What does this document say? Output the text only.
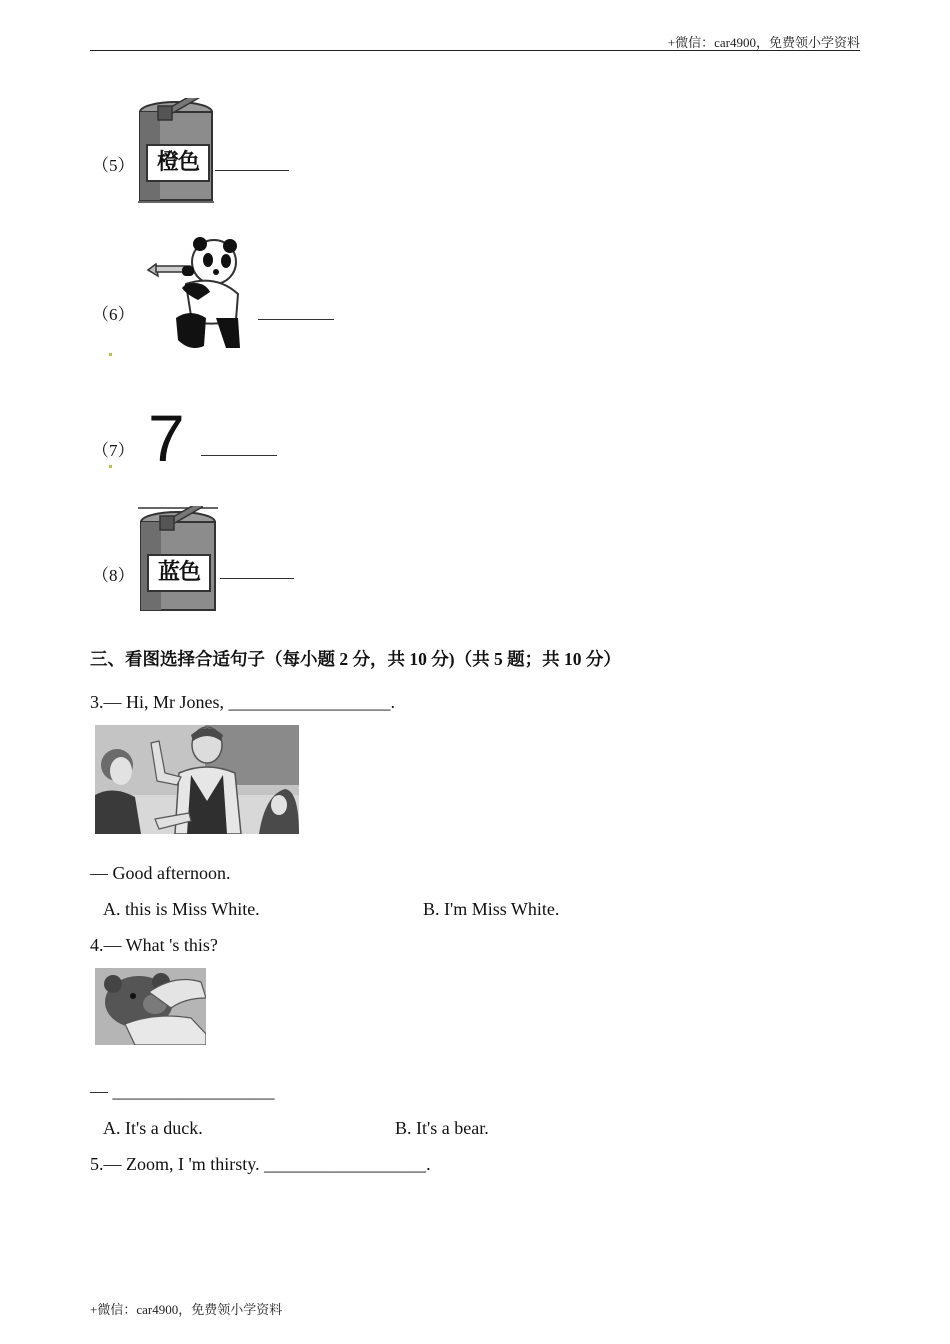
+微信：car4900，免费领小学资料
（5）	橙色
（6）
（7） 7
（8）	蓝色
三、看图选择合适句子（每小题 2 分，共 10 分)（共 5 题；共 10 分）
3.— Hi, Mr Jones, __________________.
— Good afternoon.
A. this is Miss White.	B. I'm Miss White.
4.— What 's this?
— __________________
A. It's a duck.	B. It's a bear.
5.— Zoom, I 'm thirsty. __________________.
+微信：car4900，免费领小学资料
